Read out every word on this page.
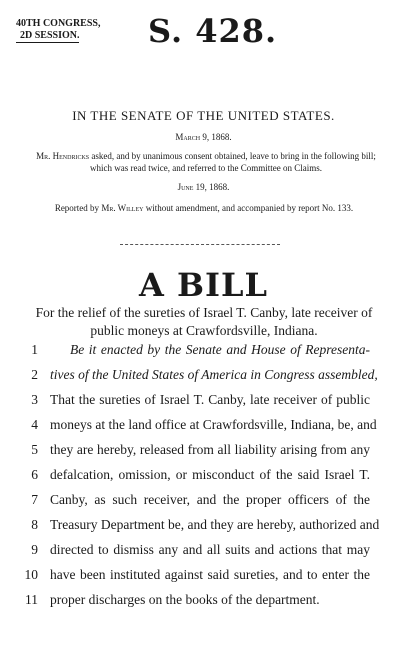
40TH CONGRESS,
2D SESSION.	S. 428.
IN THE SENATE OF THE UNITED STATES.
March 9, 1868.
Mr. Hendricks asked, and by unanimous consent obtained, leave to bring in the following bill; which was read twice, and referred to the Committee on Claims.
June 19, 1868.
Reported by Mr. Willey without amendment, and accompanied by report No. 133.
A BILL
For the relief of the sureties of Israel T. Canby, late receiver of public moneys at Crawfordsville, Indiana.
1	Be it enacted by the Senate and House of Representa-
2 tives of the United States of America in Congress assembled,
3 That the sureties of Israel T. Canby, late receiver of public
4 moneys at the land office at Crawfordsville, Indiana, be, and
5 they are hereby, released from all liability arising from any
6 defalcation, omission, or misconduct of the said Israel T.
7 Canby, as such receiver, and the proper officers of the
8 Treasury Department be, and they are hereby, authorized and
9 directed to dismiss any and all suits and actions that may
10 have been instituted against said sureties, and to enter the
11 proper discharges on the books of the department.
